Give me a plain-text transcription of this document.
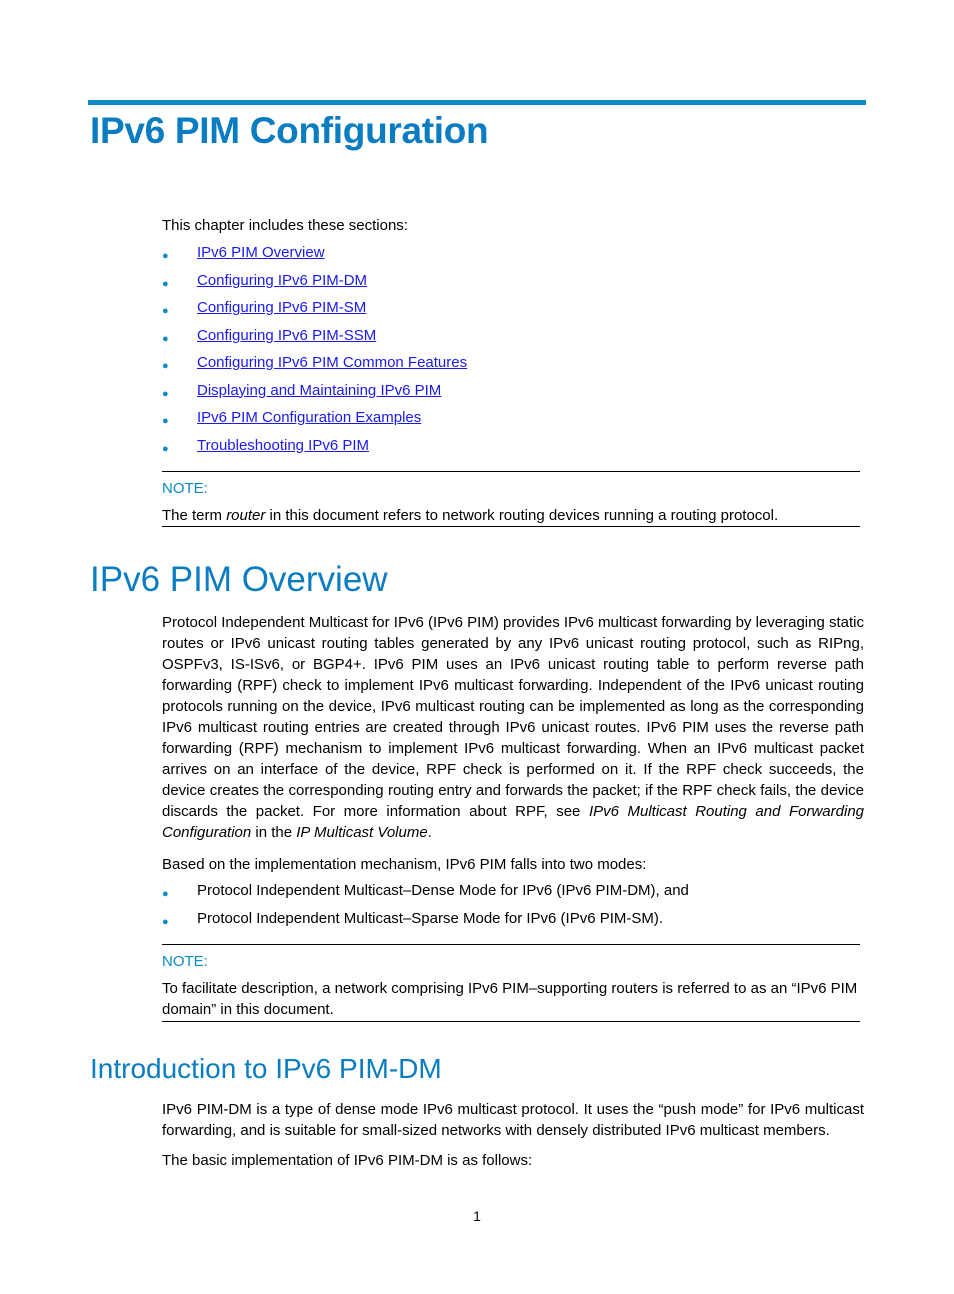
IPv6 PIM Configuration

This chapter includes these sections:

● IPv6 PIM Overview
● Configuring IPv6 PIM-DM
● Configuring IPv6 PIM-SM
● Configuring IPv6 PIM-SSM
● Configuring IPv6 PIM Common Features
● Displaying and Maintaining IPv6 PIM
● IPv6 PIM Configuration Examples
● Troubleshooting IPv6 PIM
NOTE:
The term router in this document refers to network routing devices running a routing protocol.
IPv6 PIM Overview

Protocol Independent Multicast for IPv6 (IPv6 PIM) provides IPv6 multicast forwarding by leveraging static routes or IPv6 unicast routing tables generated by any IPv6 unicast routing protocol, such as RIPng, OSPFv3, IS-ISv6, or BGP4+. IPv6 PIM uses an IPv6 unicast routing table to perform reverse path forwarding (RPF) check to implement IPv6 multicast forwarding. Independent of the IPv6 unicast routing protocols running on the device, IPv6 multicast routing can be implemented as long as the corresponding IPv6 multicast routing entries are created through IPv6 unicast routes. IPv6 PIM uses the reverse path forwarding (RPF) mechanism to implement IPv6 multicast forwarding. When an IPv6 multicast packet arrives on an interface of the device, RPF check is performed on it. If the RPF check succeeds, the device creates the corresponding routing entry and forwards the packet; if the RPF check fails, the device discards the packet. For more information about RPF, see IPv6 Multicast Routing and Forwarding Configuration in the IP Multicast Volume.

Based on the implementation mechanism, IPv6 PIM falls into two modes:

● Protocol Independent Multicast–Dense Mode for IPv6 (IPv6 PIM-DM), and
● Protocol Independent Multicast–Sparse Mode for IPv6 (IPv6 PIM-SM).
NOTE:
To facilitate description, a network comprising IPv6 PIM–supporting routers is referred to as an “IPv6 PIM domain” in this document.
Introduction to IPv6 PIM-DM

IPv6 PIM-DM is a type of dense mode IPv6 multicast protocol. It uses the “push mode” for IPv6 multicast forwarding, and is suitable for small-sized networks with densely distributed IPv6 multicast members.

The basic implementation of IPv6 PIM-DM is as follows:

1
